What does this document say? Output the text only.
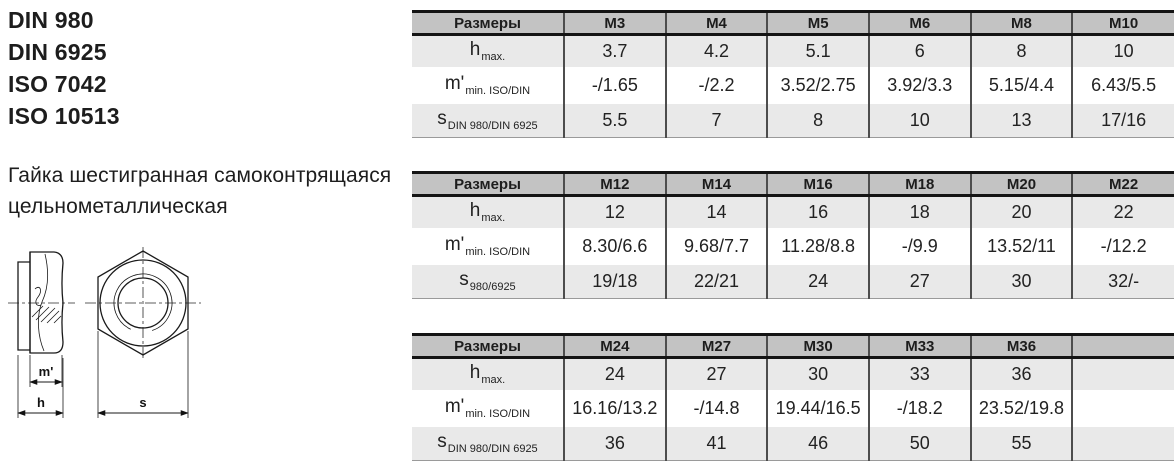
DIN 980
DIN 6925
ISO 7042
ISO 10513
Гайка шестигранная самоконтрящаяся
цельнометаллическая
m'
h	s
Размеры	M3	M4	M5	M6	M8	M10
$h_{max.}$	3.7	4.2	5.1	6	8	10
$m'_{min. ISO/DIN}$	-/1.65	-/2.2	3.52/2.75	3.92/3.3	5.15/4.4	6.43/5.5
$s_{DIN 980/DIN 6925}$	5.5	7	8	10	13	17/16
Размеры	M12	M14	M16	M18	M20	M22
$h_{max.}$	12	14	16	18	20	22
$m'_{min. ISO/DIN}$	8.30/6.6	9.68/7.7	11.28/8.8	-/9.9	13.52/11	-/12.2
$s_{980/6925}$	19/18	22/21	24	27	30	32/-
Размеры	M24	M27	M30	M33	M36	
$h_{max.}$	24	27	30	33	36	
$m'_{min. ISO/DIN}$	16.16/13.2	-/14.8	19.44/16.5	-/18.2	23.52/19.8	
$s_{DIN 980/DIN 6925}$	36	41	46	50	55	
